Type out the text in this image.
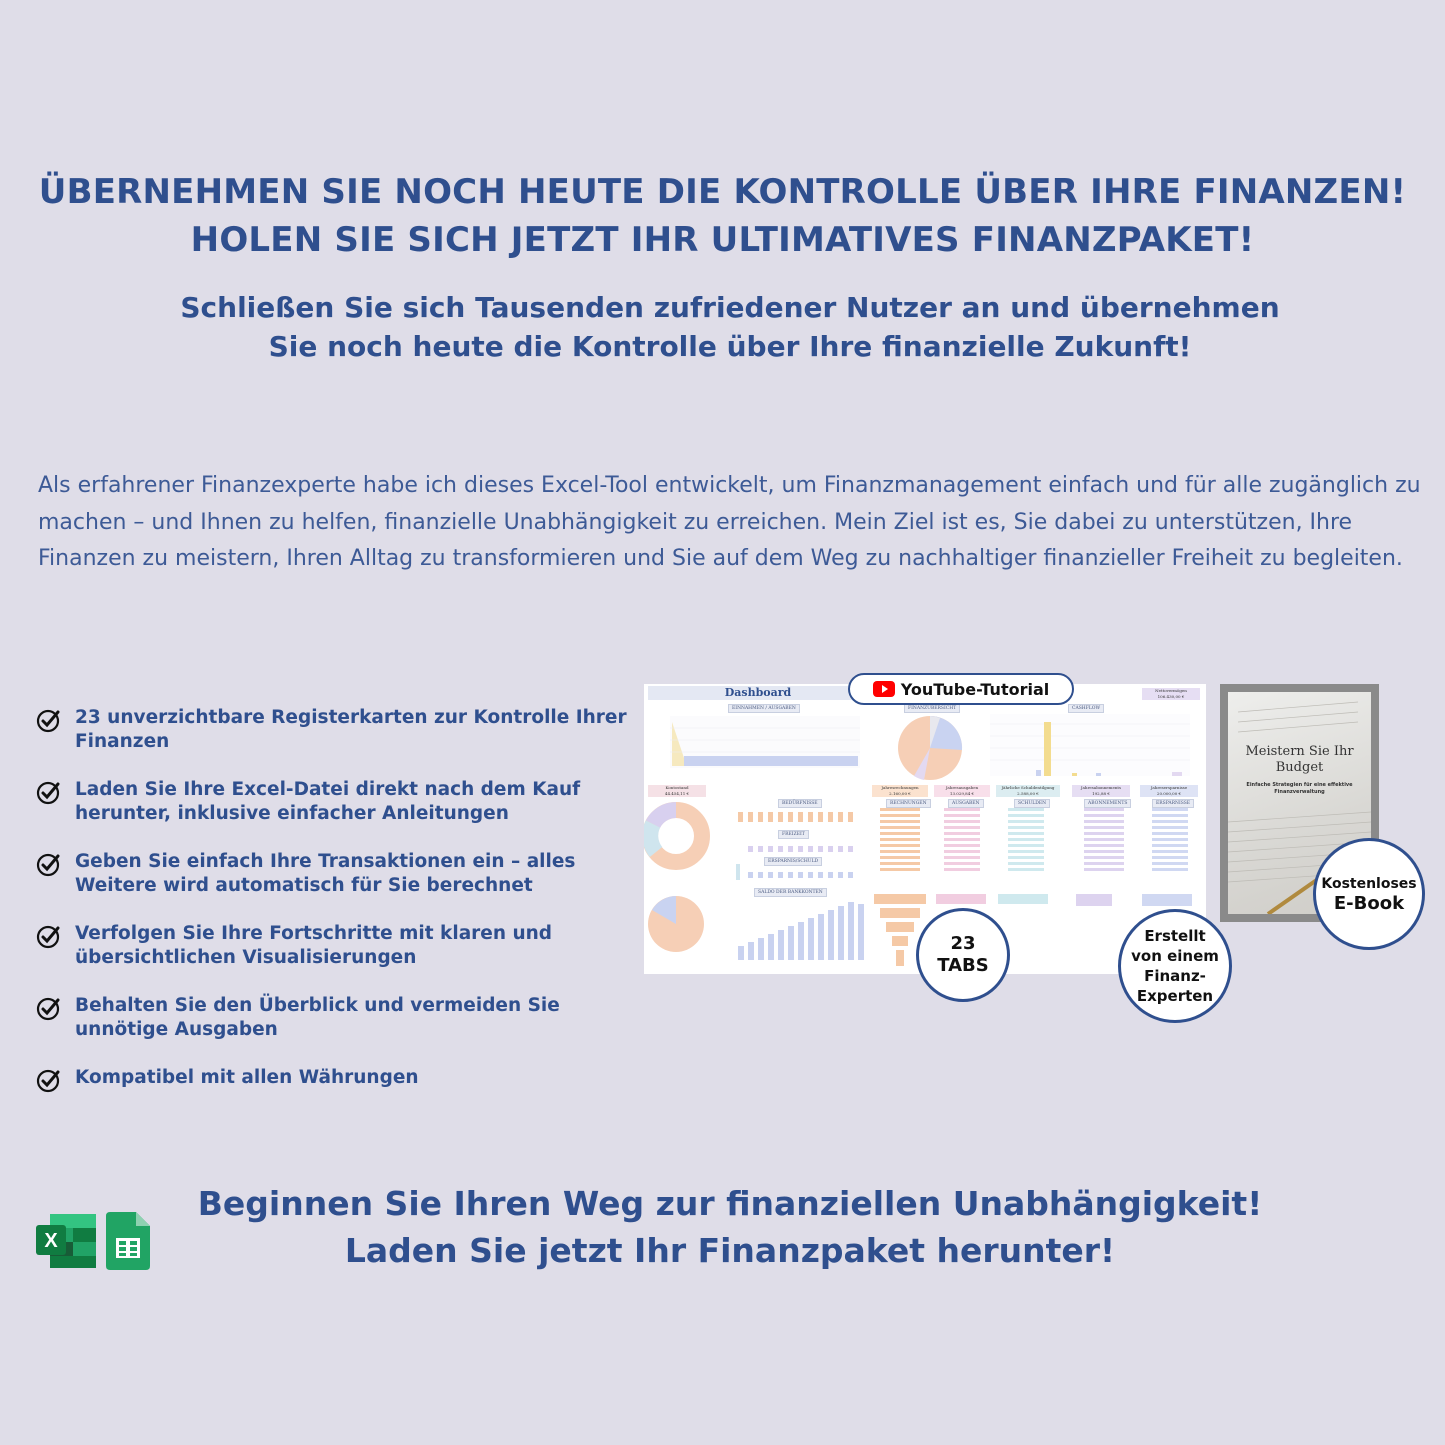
ÜBERNEHMEN SIE NOCH HEUTE DIE KONTROLLE ÜBER IHRE FINANZEN!
HOLEN SIE SICH JETZT IHR ULTIMATIVES FINANZPAKET!
Schließen Sie sich Tausenden zufriedener Nutzer an und übernehmen Sie noch heute die Kontrolle über Ihre finanzielle Zukunft!
Als erfahrener Finanzexperte habe ich dieses Excel-Tool entwickelt, um Finanzmanagement einfach und für alle zugänglich zu machen – und Ihnen zu helfen, finanzielle Unabhängigkeit zu erreichen. Mein Ziel ist es, Sie dabei zu unterstützen, Ihre Finanzen zu meistern, Ihren Alltag zu transformieren und Sie auf dem Weg zu nachhaltiger finanzieller Freiheit zu begleiten.
23 unverzichtbare Registerkarten zur Kontrolle Ihrer Finanzen
Laden Sie Ihre Excel-Datei direkt nach dem Kauf herunter, inklusive einfacher Anleitungen
Geben Sie einfach Ihre Transaktionen ein – alles Weitere wird automatisch für Sie berechnet
Verfolgen Sie Ihre Fortschritte mit klaren und übersichtlichen Visualisierungen
Behalten Sie den Überblick und vermeiden Sie unnötige Ausgaben
Kompatibel mit allen Währungen
Dashboard
EINNAHMEN / AUSGABEN	FINANZÜBERSICHT	CASHFLOW
BEDÜRFNISSE
FREIZEIT
ERSPARNIS/SCHULD
SALDO DER BANKKONTEN
RECHNUNGEN	AUSGABEN	SCHULDEN	ABONNEMENTS	ERSPARNISSE
Kontostand
44.454,11 €
Jahresrechnungen
2.160,00 €
Jahresausgaben
13.029,84 €
Jährliche Schuldentilgung
2.588,00 €
Jahresabonnements
192,88 €
Jahresersparnisse
20.000,00 €
Nettovermögen
106.430,00 €
YouTube-Tutorial
Meistern Sie Ihr Budget
Einfache Strategien für eine effektive Finanzverwaltung
23
TABS
Erstellt von einem Finanz-Experten
Kostenloses
E-Book
X
Beginnen Sie Ihren Weg zur finanziellen Unabhängigkeit!
Laden Sie jetzt Ihr Finanzpaket herunter!
